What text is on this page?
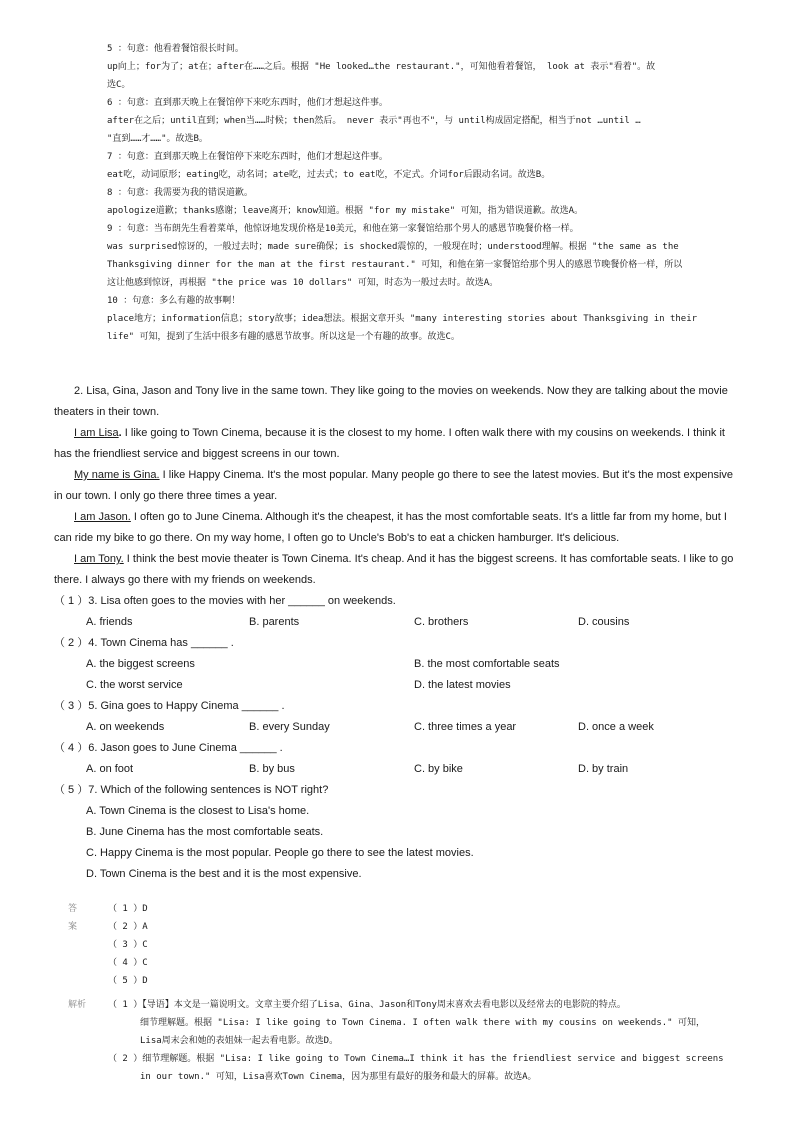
5 ：句意：他看着餐馆很长时间。
up向上；for为了；at在；after在……之后。根据 "He looked…the restaurant."，可知他看着餐馆， look at 表示"看着"。故
选C。
6 ：句意：直到那天晚上在餐馆停下来吃东西时，他们才想起这件事。
after在之后；until直到；when当……时候；then然后。 never 表示"再也不"，与 until构成固定搭配，相当于not …until …
"直到……才……"。故选B。
7 ：句意：直到那天晚上在餐馆停下来吃东西时，他们才想起这件事。
eat吃，动词原形；eating吃，动名词；ate吃，过去式；to eat吃，不定式。介词for后跟动名词。故选B。
8 ：句意：我需要为我的错误道歉。
apologize道歉；thanks感谢；leave离开；know知道。根据 "for my mistake" 可知，指为错误道歉。故选A。
9 ：句意：当布朗先生看着菜单，他惊讶地发现价格是10美元，和他在第一家餐馆给那个男人的感恩节晚餐价格一样。
was surprised惊讶的，一般过去时；made sure确保；is shocked震惊的，一般现在时；understood理解。根据 "the same as the
Thanksgiving dinner for the man at the first restaurant." 可知，和他在第一家餐馆给那个男人的感恩节晚餐价格一样，所以
这让他感到惊讶，再根据 "the price was 10 dollars" 可知，时态为一般过去时。故选A。
10 ：句意：多么有趣的故事啊！
place地方；information信息；story故事；idea想法。根据文章开头 "many interesting stories about Thanksgiving in their
life" 可知，提到了生活中很多有趣的感恩节故事。所以这是一个有趣的故事。故选C。

2. Lisa, Gina, Jason and Tony live in the same town. They like going to the movies on weekends. Now they are talking about the movie theaters in their town.

I am Lisa. I like going to Town Cinema, because it is the closest to my home. I often walk there with my cousins on weekends. I think it has the friendliest service and biggest screens in our town.

My name is Gina. I like Happy Cinema. It's the most popular. Many people go there to see the latest movies. But it's the most expensive in our town. I only go there three times a year.

I am Jason. I often go to June Cinema. Although it's the cheapest, it has the most comfortable seats. It's a little far from my home, but I can ride my bike to go there. On my way home, I often go to Uncle's Bob's to eat a chicken hamburger. It's delicious.

I am Tony. I think the best movie theater is Town Cinema. It's cheap. And it has the biggest screens. It has comfortable seats. I like to go there. I always go there with my friends on weekends.

（ 1 ）3. Lisa often goes to the movies with her ______ on weekends.
A. friends	B. parents	C. brothers	D. cousins
（ 2 ）4. Town Cinema has ______ .
A. the biggest screens	B. the most comfortable seats
C. the worst service	D. the latest movies
（ 3 ）5. Gina goes to Happy Cinema ______ .
A. on weekends	B. every Sunday	C. three times a year	D. once a week
（ 4 ）6. Jason goes to June Cinema ______ .
A. on foot	B. by bus	C. by bike	D. by train
（ 5 ）7. Which of the following sentences is NOT right?
A. Town Cinema is the closest to Lisa's home.
B. June Cinema has the most comfortable seats.
C. Happy Cinema is the most popular. People go there to see the latest movies.
D. Town Cinema is the best and it is the most expensive.
答案
（ 1 ）D
（ 2 ）A
（ 3 ）C
（ 4 ）C
（ 5 ）D
解析 （ 1 ）【导语】本文是一篇说明文。文章主要介绍了Lisa、Gina、Jason和Tony周末喜欢去看电影以及经常去的电影院的特点。
细节理解题。根据 "Lisa: I like going to Town Cinema. I often walk there with my cousins on weekends." 可知，
Lisa周末会和她的表姐妹一起去看电影。故选D。
（ 2 ）细节理解题。根据 "Lisa: I like going to Town Cinema…I think it has the friendliest service and biggest screens
in our town." 可知，Lisa喜欢Town Cinema，因为那里有最好的服务和最大的屏幕。故选A。
